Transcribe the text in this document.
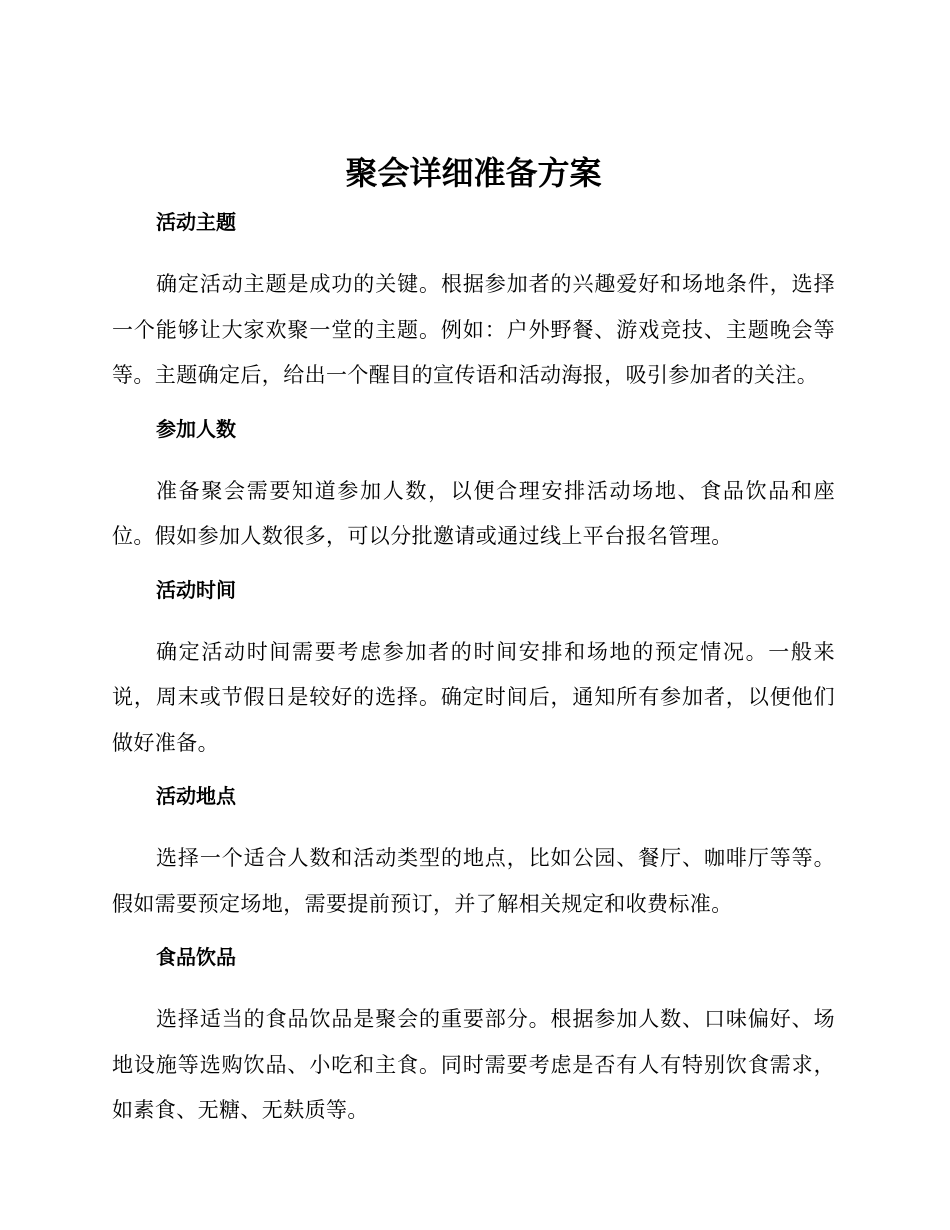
聚会详细准备方案
活动主题

确定活动主题是成功的关键。根据参加者的兴趣爱好和场地条件，选择一个能够让大家欢聚一堂的主题。例如：户外野餐、游戏竞技、主题晚会等等。主题确定后，给出一个醒目的宣传语和活动海报，吸引参加者的关注。

参加人数

准备聚会需要知道参加人数，以便合理安排活动场地、食品饮品和座位。假如参加人数很多，可以分批邀请或通过线上平台报名管理。

活动时间

确定活动时间需要考虑参加者的时间安排和场地的预定情况。一般来说，周末或节假日是较好的选择。确定时间后，通知所有参加者，以便他们做好准备。

活动地点

选择一个适合人数和活动类型的地点，比如公园、餐厅、咖啡厅等等。假如需要预定场地，需要提前预订，并了解相关规定和收费标准。

食品饮品

选择适当的食品饮品是聚会的重要部分。根据参加人数、口味偏好、场地设施等选购饮品、小吃和主食。同时需要考虑是否有人有特别饮食需求，如素食、无糖、无麸质等。
